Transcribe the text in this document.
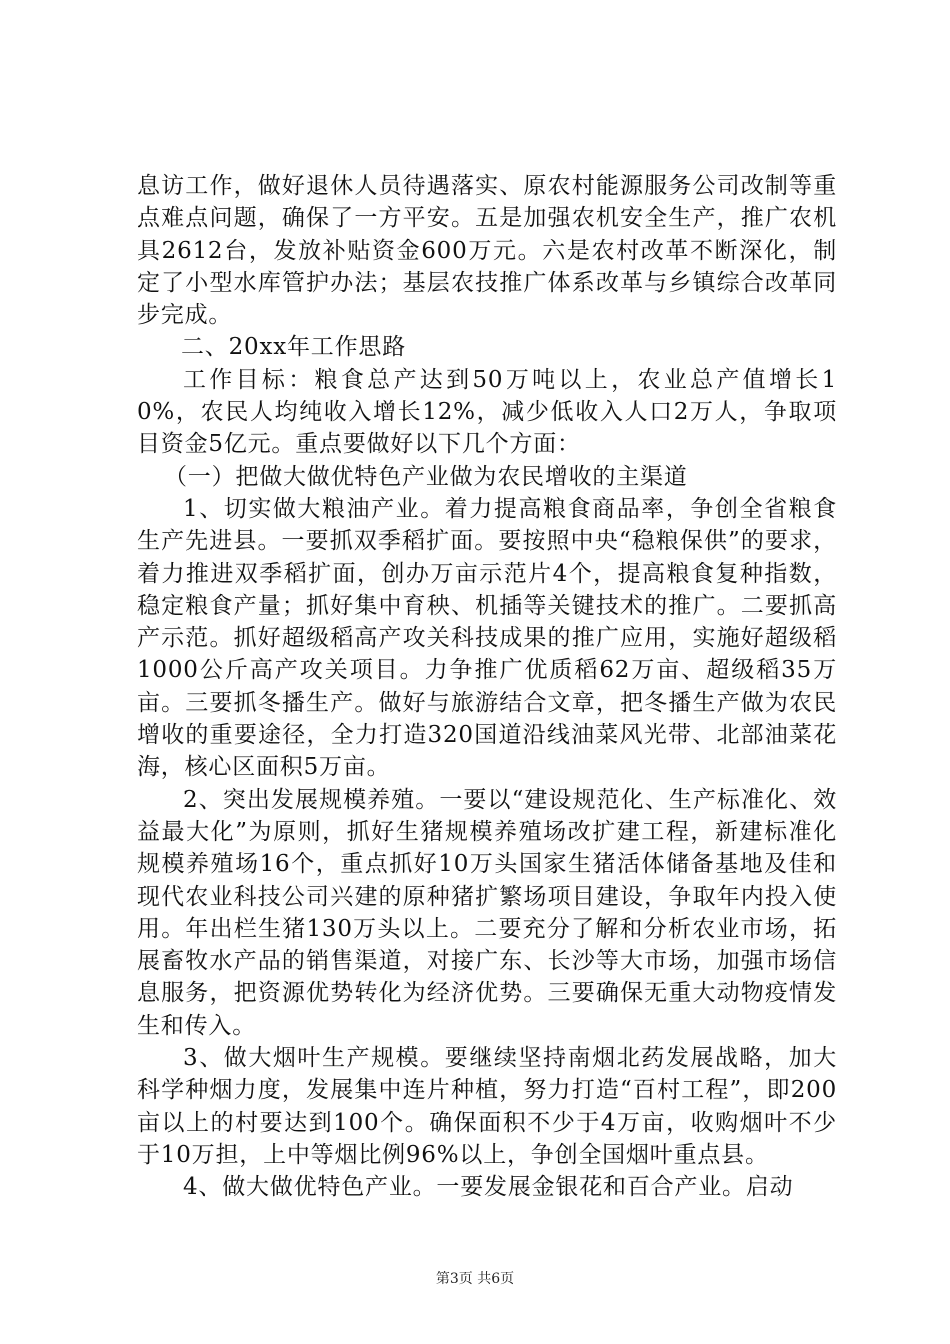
息访工作，做好退休人员待遇落实、原农村能源服务公司改制等重点难点问题，确保了一方平安。五是加强农机安全生产，推广农机具2612台，发放补贴资金600万元。六是农村改革不断深化，制定了小型水库管护办法；基层农技推广体系改革与乡镇综合改革同步完成。

二、20xx年工作思路

工作目标：粮食总产达到50万吨以上，农业总产值增长10%，农民人均纯收入增长12%，减少低收入人口2万人，争取项目资金5亿元。重点要做好以下几个方面：

（一）把做大做优特色产业做为农民增收的主渠道

1、切实做大粮油产业。着力提高粮食商品率，争创全省粮食生产先进县。一要抓双季稻扩面。要按照中央“稳粮保供”的要求，着力推进双季稻扩面，创办万亩示范片4个，提高粮食复种指数，稳定粮食产量；抓好集中育秧、机插等关键技术的推广。二要抓高产示范。抓好超级稻高产攻关科技成果的推广应用，实施好超级稻1000公斤高产攻关项目。力争推广优质稻62万亩、超级稻35万亩。三要抓冬播生产。做好与旅游结合文章，把冬播生产做为农民增收的重要途径，全力打造320国道沿线油菜风光带、北部油菜花海，核心区面积5万亩。

2、突出发展规模养殖。一要以“建设规范化、生产标准化、效益最大化”为原则，抓好生猪规模养殖场改扩建工程，新建标准化规模养殖场16个，重点抓好10万头国家生猪活体储备基地及佳和现代农业科技公司兴建的原种猪扩繁场项目建设，争取年内投入使用。年出栏生猪130万头以上。二要充分了解和分析农业市场，拓展畜牧水产品的销售渠道，对接广东、长沙等大市场，加强市场信息服务，把资源优势转化为经济优势。三要确保无重大动物疫情发生和传入。

3、做大烟叶生产规模。要继续坚持南烟北药发展战略，加大科学种烟力度，发展集中连片种植，努力打造“百村工程”，即200亩以上的村要达到100个。确保面积不少于4万亩，收购烟叶不少于10万担，上中等烟比例96%以上，争创全国烟叶重点县。

4、做大做优特色产业。一要发展金银花和百合产业。启动

第3页 共6页
